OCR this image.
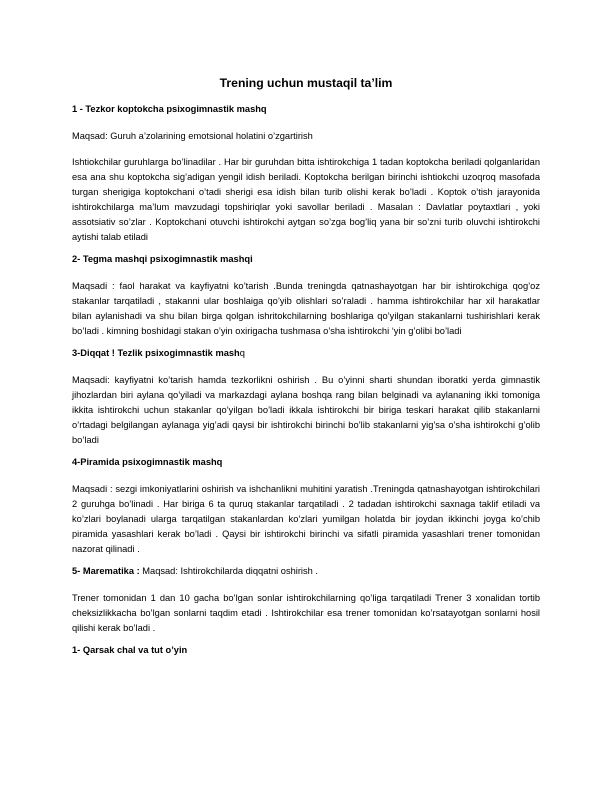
Trening uchun mustaqil ta’lim
1 - Tezkor koptokcha psixogimnastik mashq
Maqsad: Guruh a’zolarining emotsional holatini o’zgartirish
Ishtiokchilar guruhlarga bo’linadilar . Har bir guruhdan bitta ishtirokchiga 1 tadan koptokcha beriladi qolganlaridan esa ana shu koptokcha sig’adigan yengil idish beriladi. Koptokcha berilgan birinchi ishtiokchi uzoqroq masofada turgan sherigiga koptokchani o’tadi sherigi esa idish bilan turib olishi kerak bo’ladi . Koptok o’tish jarayonida ishtirokchilarga ma’lum mavzudagi topshiriqlar yoki savollar beriladi . Masalan : Davlatlar poytaxtlari , yoki assotsiativ so’zlar . Koptokchani otuvchi ishtirokchi aytgan so’zga bog’liq yana bir so’zni turib oluvchi ishtirokchi aytishi talab etiladi
2- Tegma mashqi psixogimnastik mashqi
Maqsadi : faol harakat va kayfiyatni ko’tarish .Bunda treningda qatnashayotgan har bir ishtirokchiga qog’oz stakanlar tarqatiladi , stakanni ular boshlaiga qo’yib olishlari so’raladi . hamma ishtirokchilar har xil harakatlar bilan aylanishadi va shu bilan birga qolgan ishritokchilarning boshlariga qo’yilgan stakanlarni tushirishlari kerak bo’ladi . kimning boshidagi stakan o’yin oxirigacha tushmasa o’sha ishtirokchi ‘yin g’olibi bo’ladi
3-Diqqat ! Tezlik psixogimnastik mashq
Maqsadi: kayfiyatni ko’tarish hamda tezkorlikni oshirish . Bu o’yinni sharti shundan iboratki yerda gimnastik jihozlardan biri aylana qo’yiladi va markazdagi aylana boshqa rang bilan belginadi va aylananing ikki tomoniga ikkita ishtirokchi uchun stakanlar qo’yilgan bo’ladi ikkala ishtirokchi bir biriga teskari harakat qilib stakanlarni o’rtadagi belgilangan aylanaga yig’adi qaysi bir ishtirokchi birinchi bo’lib stakanlarni yig’sa o’sha ishtirokchi g’olib bo’ladi
4-Piramida psixogimnastik mashq
Maqsadi : sezgi imkoniyatlarini oshirish va ishchanlikni muhitini yaratish .Treningda qatnashayotgan ishtirokchilari 2 guruhga bo’linadi . Har biriga 6 ta quruq stakanlar tarqatiladi . 2 tadadan ishtirokchi saxnaga taklif etiladi va ko’zlari boylanadi ularga tarqatilgan stakanlardan ko’zlari yumilgan holatda bir joydan ikkinchi joyga ko’chib piramida yasashlari kerak bo’ladi . Qaysi bir ishtirokchi birinchi va sifatli piramida yasashlari trener tomonidan nazorat qilinadi .
5- Marematika : Maqsad: Ishtirokchilarda diqqatni oshirish .
Trener tomonidan 1 dan 10 gacha bo’lgan sonlar ishtirokchilarning qo’liga tarqatiladi Trener 3 xonalidan tortib cheksizlikkacha bo’lgan sonlarni taqdim etadi . Ishtirokchilar esa trener tomonidan ko’rsatayotgan sonlarni hosil qilishi kerak bo’ladi .
1- Qarsak chal va tut o’yin
